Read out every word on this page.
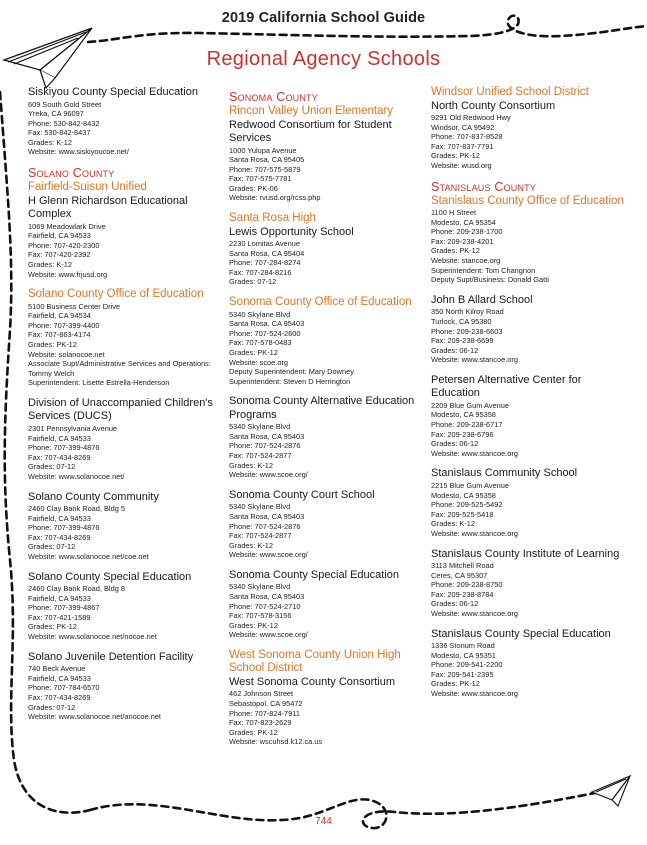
2019 California School Guide
Regional Agency Schools
Siskiyou County Special Education
609 South Gold Street
Yreka, CA 96097
Phone: 530-842-8432
Fax: 530-842-8437
Grades: K-12
Website: www.siskiyoucoe.net/
Solano County
Fairfield-Suisun Unified
H Glenn Richardson Educational Complex
1069 Meadowlark Drive
Fairfield, CA 94533
Phone: 707-420-2300
Fax: 707-420-2392
Grades: K-12
Website: www.frjusd.org
Solano County Office of Education
5100 Business Center Drive
Fairfield, CA 94534
Phone: 707-399-4400
Fax: 707-863-4174
Grades: PK-12
Website: solanocoe.net
Associate Supt/Administrative Services and Operations: Tommy Welch
Superintendent: Lisette Estrella-Henderson
Division of Unaccompanied Children's Services (DUCS)
2301 Pennsylvania Avenue
Fairfield, CA 94533
Phone: 707-399-4876
Fax: 707-434-8269
Grades: 07-12
Website: www.solanocoe.net/
Solano County Community
2460 Clay Bank Road, Bldg 5
Fairfield, CA 94533
Phone: 707-399-4876
Fax: 707-434-8269
Grades: 07-12
Website: www.solanocoe.net/coe.net
Solano County Special Education
2460 Clay Bank Road, Bldg 8
Fairfield, CA 94533
Phone: 707-399-4867
Fax: 707-421-1589
Grades: PK-12
Website: www.solanocoe.net/nocoe.net
Solano Juvenile Detention Facility
740 Beck Avenue
Fairfield, CA 94533
Phone: 707-784-6570
Fax: 707-434-8269
Grades: 07-12
Website: www.solanocoe.net/anocoe.net
Sonoma County
Rincon Valley Union Elementary
Redwood Consortium for Student Services
1000 Yulupa Avenue
Santa Rosa, CA 95405
Phone: 707-575-5879
Fax: 707-575-7781
Grades: PK-06
Website: rvusd.org/rcss.php
Santa Rosa High
Lewis Opportunity School
2230 Lomitas Avenue
Santa Rosa, CA 95404
Phone: 707-284-8274
Fax: 707-284-8216
Grades: 07-12
Sonoma County Office of Education
5340 Skylane Blvd
Santa Rosa, CA 95403
Phone: 707-524-2600
Fax: 707-578-0483
Grades: PK-12
Website: scoe.org
Deputy Superintendent: Mary Downey
Superintendent: Steven D Herrington
Sonoma County Alternative Education Programs
5340 Skylane Blvd
Santa Rosa, CA 95403
Phone: 707-524-2876
Fax: 707-524-2877
Grades: K-12
Website: www.scoe.org/
Sonoma County Court School
5340 Skylane Blvd
Santa Rosa, CA 95403
Phone: 707-524-2876
Fax: 707-524-2877
Grades: K-12
Website: www.scoe.org/
Sonoma County Special Education
5340 Skylane Blvd
Santa Rosa, CA 95403
Phone: 707-524-2710
Fax: 707-578-3156
Grades: PK-12
Website: www.scoe.org/
West Sonoma County Union High School District
West Sonoma County Consortium
462 Johnson Street
Sebastopol, CA 95472
Phone: 707-824-7911
Fax: 707-823-2629
Grades: PK-12
Website: wscuhsd.k12.ca.us
Windsor Unified School District
North County Consortium
9291 Old Redwood Hwy
Windsor, CA 95492
Phone: 707-837-8528
Fax: 707-837-7791
Grades: PK-12
Website: wusd.org
Stanislaus County
Stanislaus County Office of Education
1100 H Street
Modesto, CA 95354
Phone: 209-238-1700
Fax: 209-238-4201
Grades: PK-12
Website: stancoe.org
Superintendent: Tom Changnon
Deputy Supt/Business: Donald Gatti
John B Allard School
350 North Kilroy Road
Turlock, CA 95380
Phone: 209-238-6603
Fax: 209-238-6699
Grades: 06-12
Website: www.stancoe.org
Petersen Alternative Center for Education
2209 Blue Gum Avenue
Modesto, CA 95358
Phone: 209-238-6717
Fax: 209-238-6796
Grades: 06-12
Website: www.stancoe.org
Stanislaus Community School
2215 Blue Gum Avenue
Modesto, CA 95358
Phone: 209-525-5492
Fax: 209-525-5418
Grades: K-12
Website: www.stancoe.org
Stanislaus County Institute of Learning
3113 Mitchell Road
Ceres, CA 95307
Phone: 209-238-8750
Fax: 209-238-8784
Grades: 06-12
Website: www.stancoe.org
Stanislaus County Special Education
1336 Stonum Road
Modesto, CA 95351
Phone: 209-541-2200
Fax: 209-541-2395
Grades: PK-12
Website: www.stancoe.org
744
